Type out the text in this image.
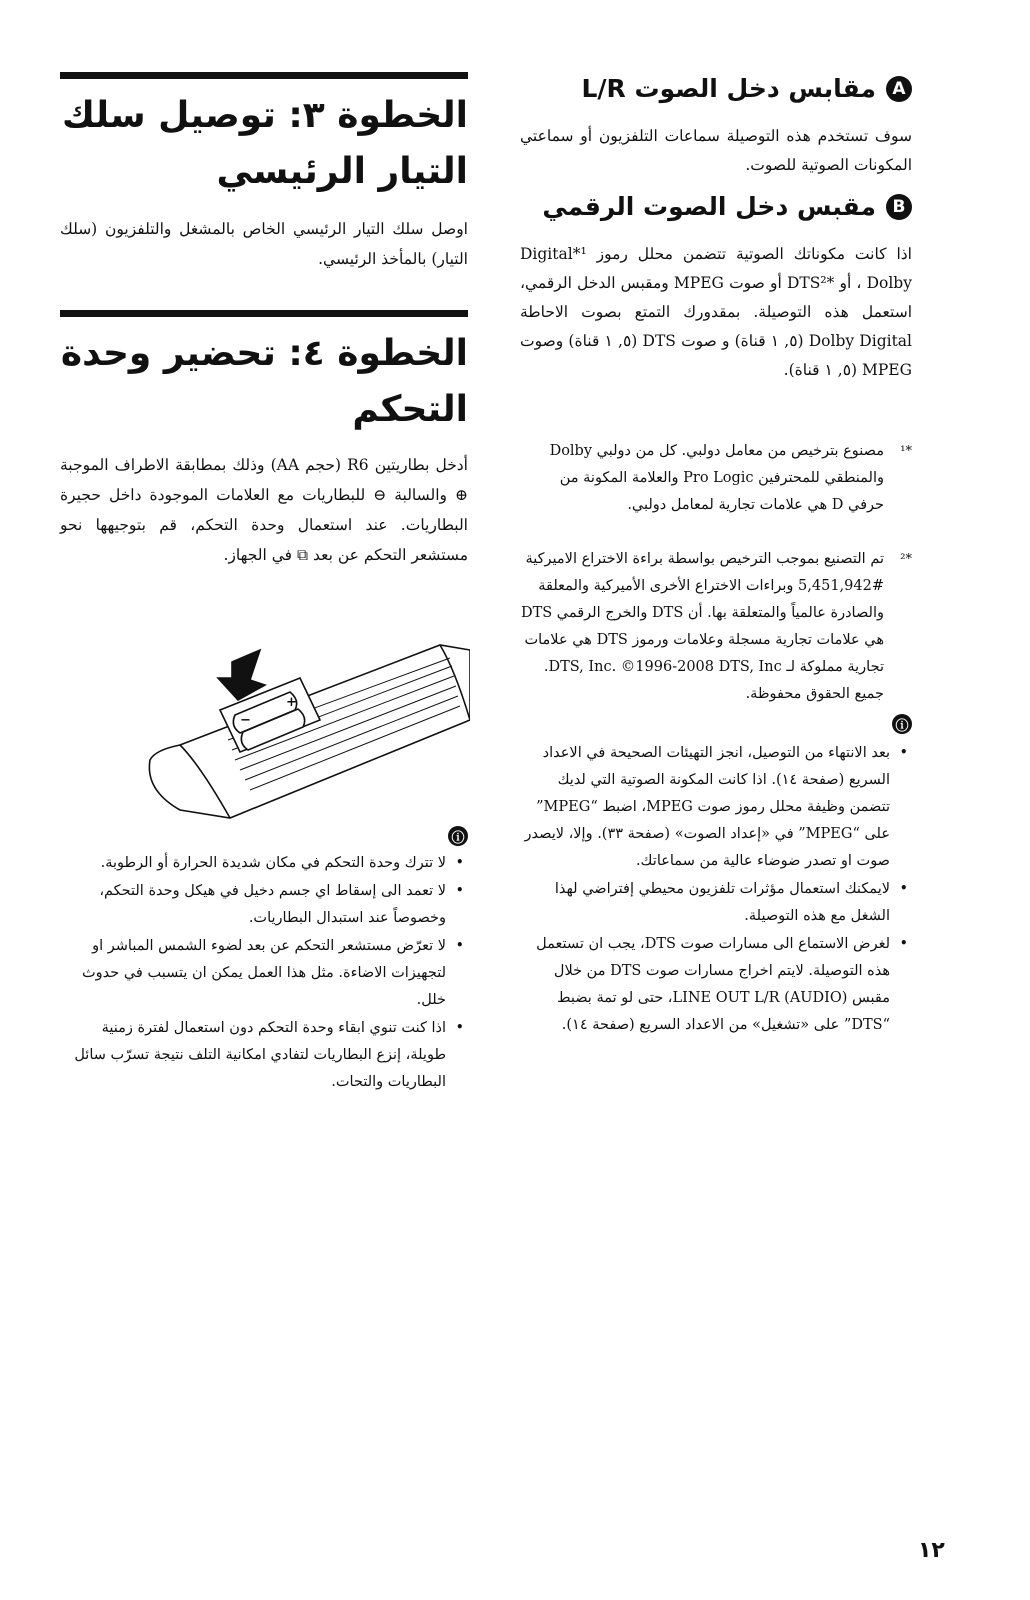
A
مقابس دخل الصوت L/R

سوف تستخدم هذه التوصيلة سماعات التلفزيون أو سماعتي المكونات الصوتية للصوت.

B
مقبس دخل الصوت الرقمي

اذا كانت مكوناتك الصوتية تتضمن محلل رموز Digital*¹ Dolby ، أو *DTS² أو صوت MPEG ومقبس الدخل الرقمي، استعمل هذه التوصيلة. بمقدورك التمتع بصوت الاحاطة Dolby Digital (٥, ١ قناة) و صوت DTS (٥, ١ قناة) وصوت MPEG (٥, ١ قناة).

*¹
مصنوع بترخيص من معامل دولبي. كل من دولبي Dolby والمنطقي للمحترفين Pro Logic والعلامة المكونة من حرفي D هي علامات تجارية لمعامل دولبي.
*²
تم التصنيع بموجب الترخيص بواسطة براءة الاختراع الاميركية #5,451,942 وبراءات الاختراع الأخرى الأميركية والمعلقة والصادرة عالمياً والمتعلقة بها. أن DTS والخرج الرقمي DTS هي علامات تجارية مسجلة وعلامات ورموز DTS هي علامات تجارية مملوكة لـ DTS, Inc. ©1996-2008 DTS, Inc. جميع الحقوق محفوظة.
ⓘ
• بعد الانتهاء من التوصيل، انجز التهيئات الصحيحة في الاعداد السريع (صفحة ١٤). اذا كانت المكونة الصوتية التي لديك تتضمن وظيفة محلل رموز صوت MPEG، اضبط “MPEG” على “MPEG” في «إعداد الصوت» (صفحة ٣٣). وإلا، لايصدر صوت او تصدر ضوضاء عالية من سماعاتك.
• لايمكنك استعمال مؤثرات تلفزيون محيطي إفتراضي لهذا الشغل مع هذه التوصيلة.
• لغرض الاستماع الى مسارات صوت DTS، يجب ان تستعمل هذه التوصيلة. لايتم اخراج مسارات صوت DTS من خلال مقبس LINE OUT L/R (AUDIO)، حتى لو تمة بضبط “DTS” على «تشغيل» من الاعداد السريع (صفحة ١٤).
الخطوة ٣: توصيل سلك التيار الرئيسي

اوصل سلك التيار الرئيسي الخاص بالمشغل والتلفزيون (سلك التيار) بالمأخذ الرئيسي.

الخطوة ٤: تحضير وحدة التحكم

أدخل بطاريتين R6 (حجم AA) وذلك بمطابقة الاطراف الموجبة ⊕ والسالبة ⊖ للبطاريات مع العلامات الموجودة داخل حجيرة البطاريات. عند استعمال وحدة التحكم، قم بتوجيهها نحو مستشعر التحكم عن بعد ⧉ في الجهاز.

ⓘ
• لا تترك وحدة التحكم في مكان شديدة الحرارة أو الرطوبة.
• لا تعمد الى إسقاط اي جسم دخيل في هيكل وحدة التحكم، وخصوصاً عند استبدال البطاريات.
• لا تعرّض مستشعر التحكم عن بعد لضوء الشمس المباشر او لتجهيزات الاضاءة. مثل هذا العمل يمكن ان يتسبب في حدوث خلل.
• اذا كنت تنوي ابقاء وحدة التحكم دون استعمال لفترة زمنية طويلة، إنزع البطاريات لتفادي امكانية التلف نتيجة تسرّب سائل البطاريات والتحات.
+
−
١٢
